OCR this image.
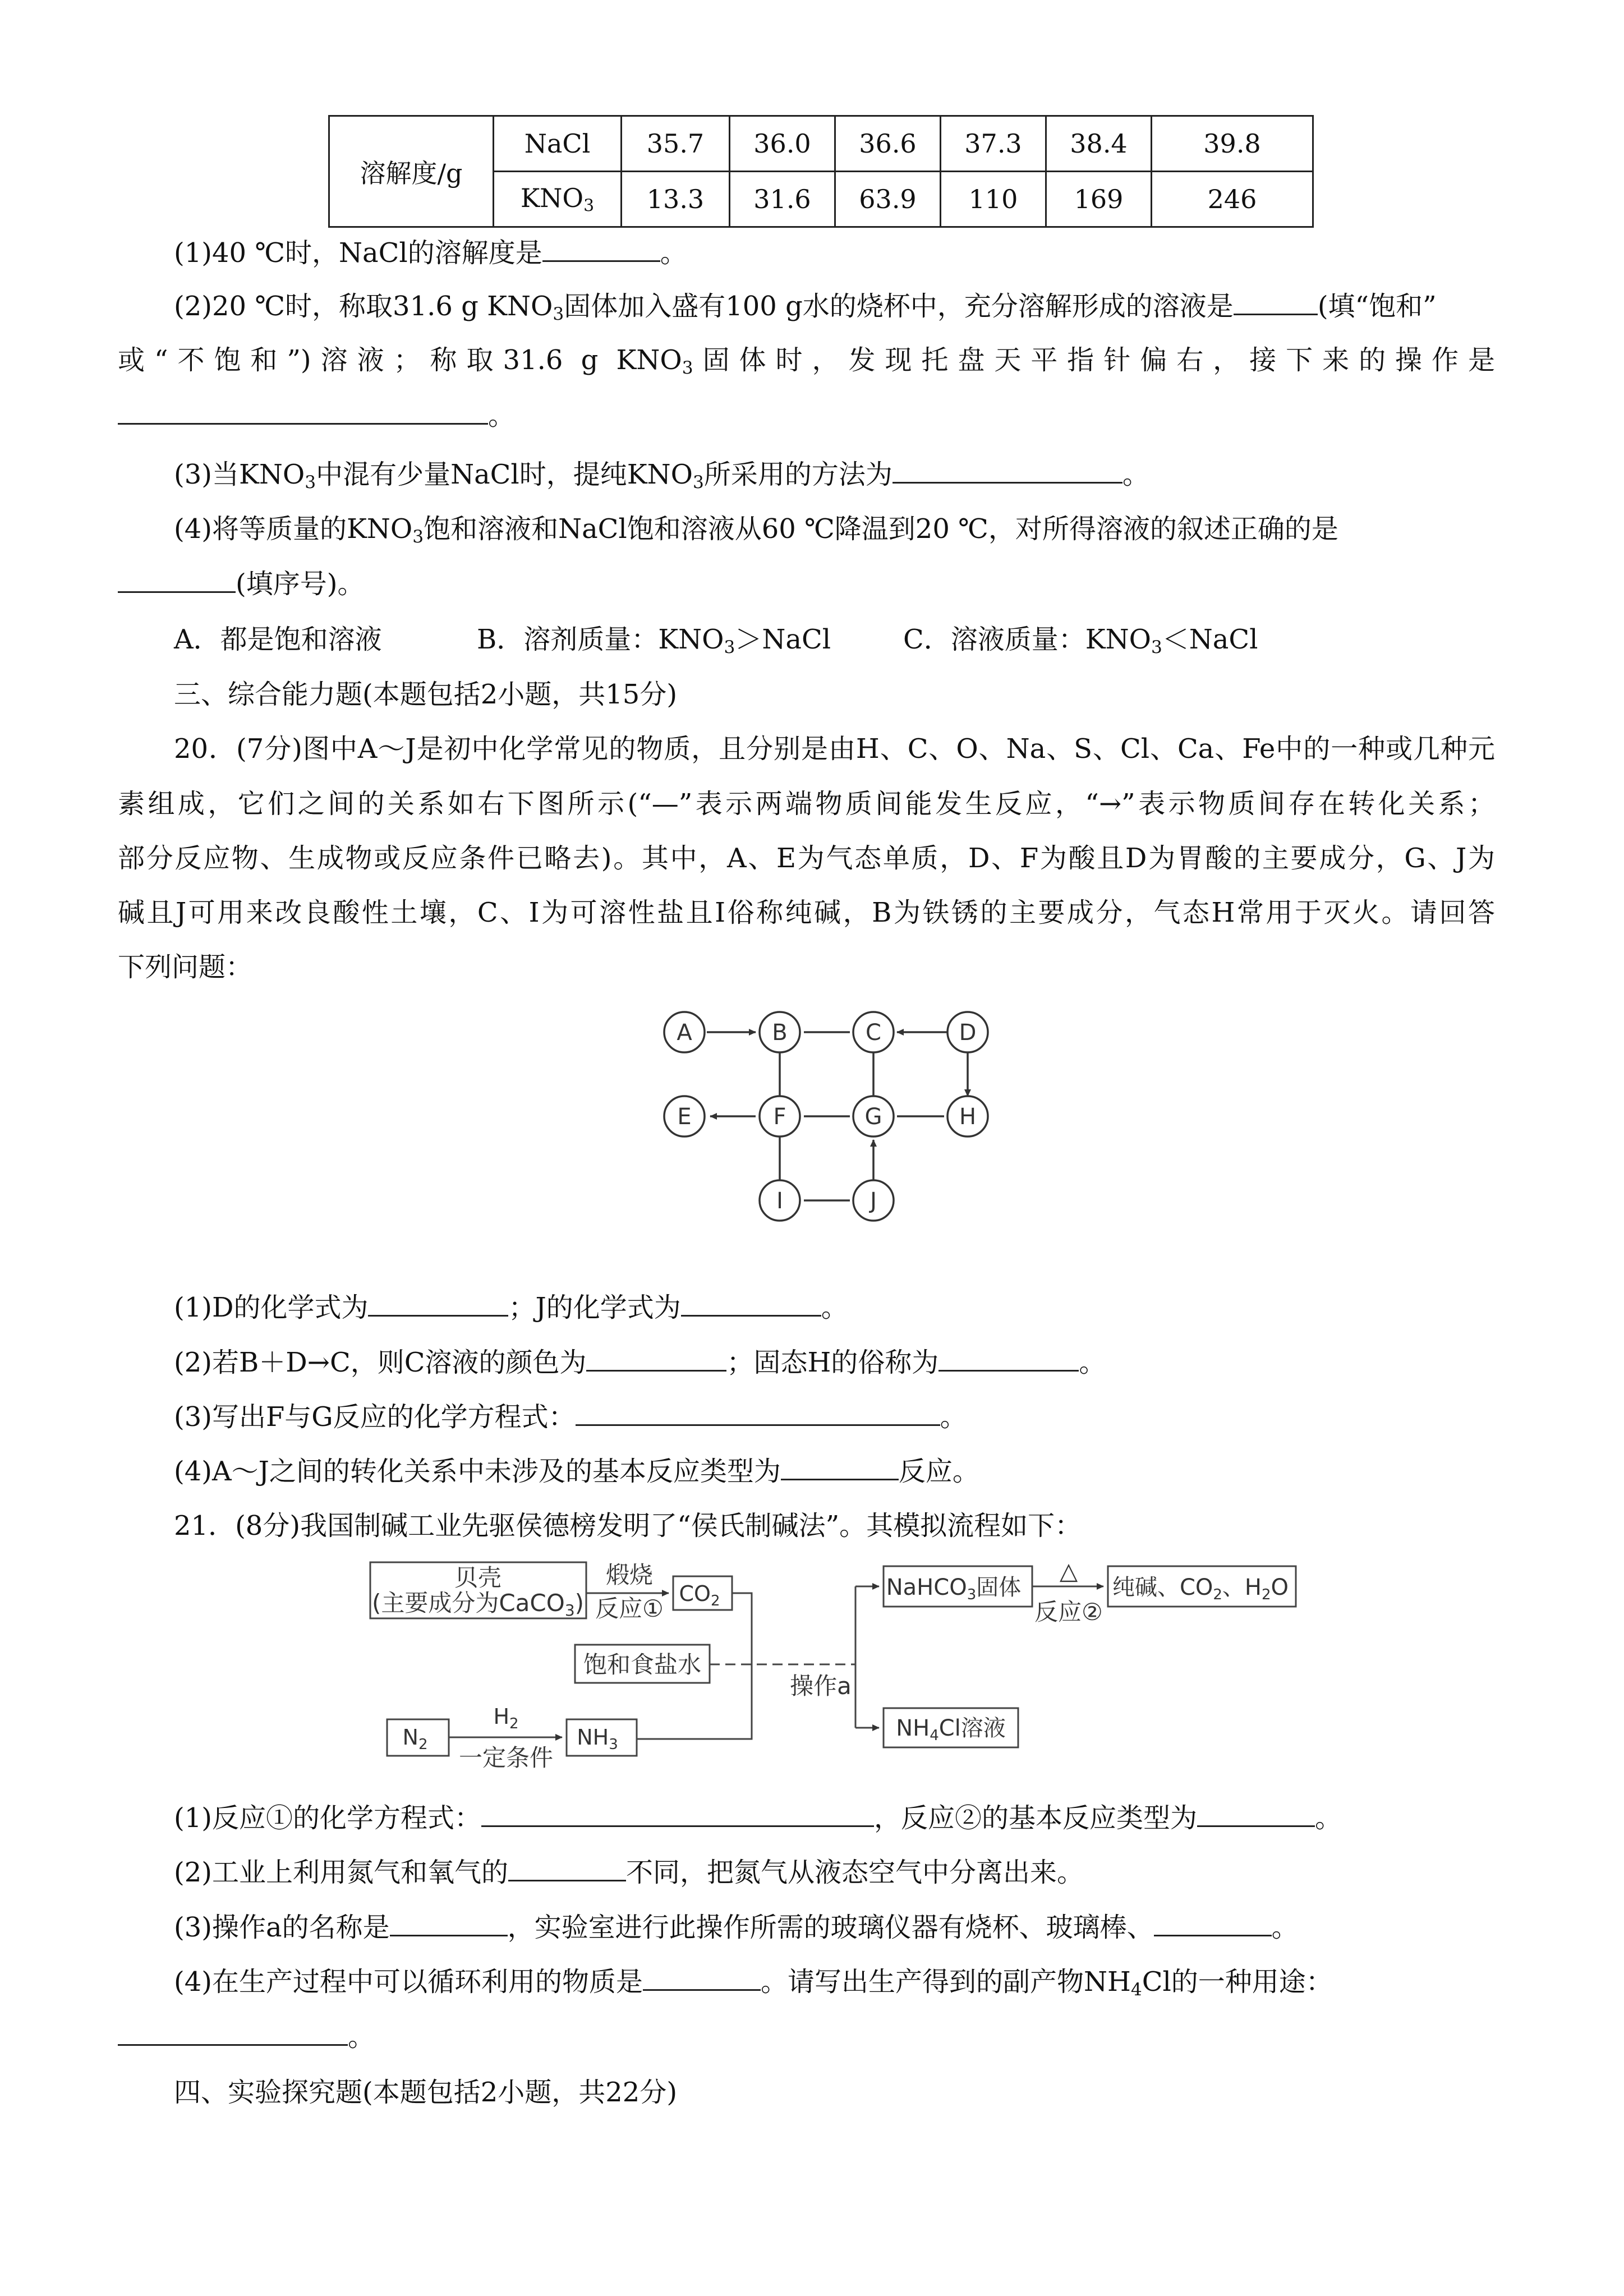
溶解度/g	NaCl	35.7	36.0	36.6	37.3	38.4	39.8
	$KNO_3$	13.3	31.6	63.9	110	169	246
(1)40 ℃时，NaCl的溶解度是	。
(2)20 ℃时，称取31.6 g $KNO_3$固体加入盛有100 g水的烧杯中，充分溶解形成的溶液是	(填“饱和”
或“不饱和”)溶液；称取31.6 g $KNO_3$固体时，发现托盘天平指针偏右，接下来的操作是
。
(3)当$KNO_3$中混有少量NaCl时，提纯$KNO_3$所采用的方法为	。
(4)将等质量的$KNO_3$饱和溶液和NaCl饱和溶液从60 ℃降温到20 ℃，对所得溶液的叙述正确的是
(填序号)。
A．都是饱和溶液	B．溶剂质量：$KNO_3>NaCl$	C．溶液质量：$KNO_3<NaCl$
三、综合能力题(本题包括2小题，共15分)
20．(7分)图中A～J是初中化学常见的物质，且分别是由H、C、O、Na、S、Cl、Ca、Fe中的一种或几种元
素组成，它们之间的关系如右下图所示(“—”表示两端物质间能发生反应，“→”表示物质间存在转化关系；
部分反应物、生成物或反应条件已略去)。其中，A、E为气态单质，D、F为酸且D为胃酸的主要成分，G、J为
碱且J可用来改良酸性土壤，C、I为可溶性盐且I俗称纯碱，B为铁锈的主要成分，气态H常用于灭火。请回答
下列问题：
A	B	C	D
E	F	G	H
I	J
(1)D的化学式为	；J的化学式为	。
(2)若B＋D→C，则C溶液的颜色为	；固态H的俗称为	。
(3)写出F与G反应的化学方程式：	。
(4)A～J之间的转化关系中未涉及的基本反应类型为	反应。
21．(8分)我国制碱工业先驱侯德榜发明了“侯氏制碱法”。其模拟流程如下：
贝壳
(主要成分为CaCO3)
煅烧
反应①
$CO_2$
饱和食盐水
$N_2$
$H_2$
一定条件
$NH_3$
操作a
NaHCO$_3$固体
△
反应②
纯碱、$CO_2$、$H_2O$
$NH_4Cl$溶液
(1)反应①的化学方程式：	，反应②的基本反应类型为	。
(2)工业上利用氮气和氧气的	不同，把氮气从液态空气中分离出来。
(3)操作a的名称是	，实验室进行此操作所需的玻璃仪器有烧杯、玻璃棒、	。
(4)在生产过程中可以循环利用的物质是	。请写出生产得到的副产物$NH_4Cl$的一种用途：
。
四、实验探究题(本题包括2小题，共22分)
